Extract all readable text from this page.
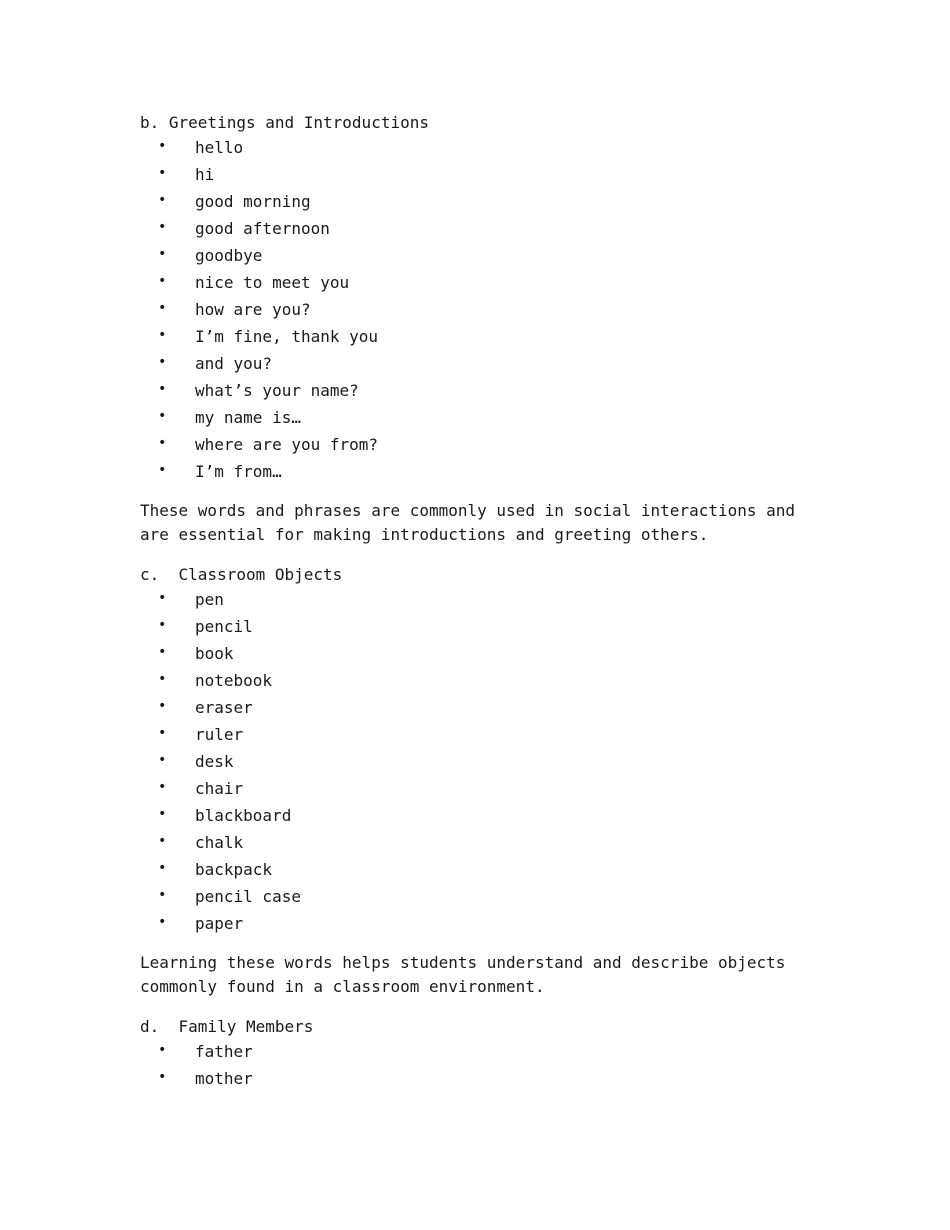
b. Greetings and Introductions
• hello
• hi
• good morning
• good afternoon
• goodbye
• nice to meet you
• how are you?
• I’m fine, thank you
• and you?
• what’s your name?
• my name is…
• where are you from?
• I’m from…

These words and phrases are commonly used in social interactions and are essential for making introductions and greeting others.

c.  Classroom Objects
• pen
• pencil
• book
• notebook
• eraser
• ruler
• desk
• chair
• blackboard
• chalk
• backpack
• pencil case
• paper

Learning these words helps students understand and describe objects commonly found in a classroom environment.

d.  Family Members
• father
• mother
